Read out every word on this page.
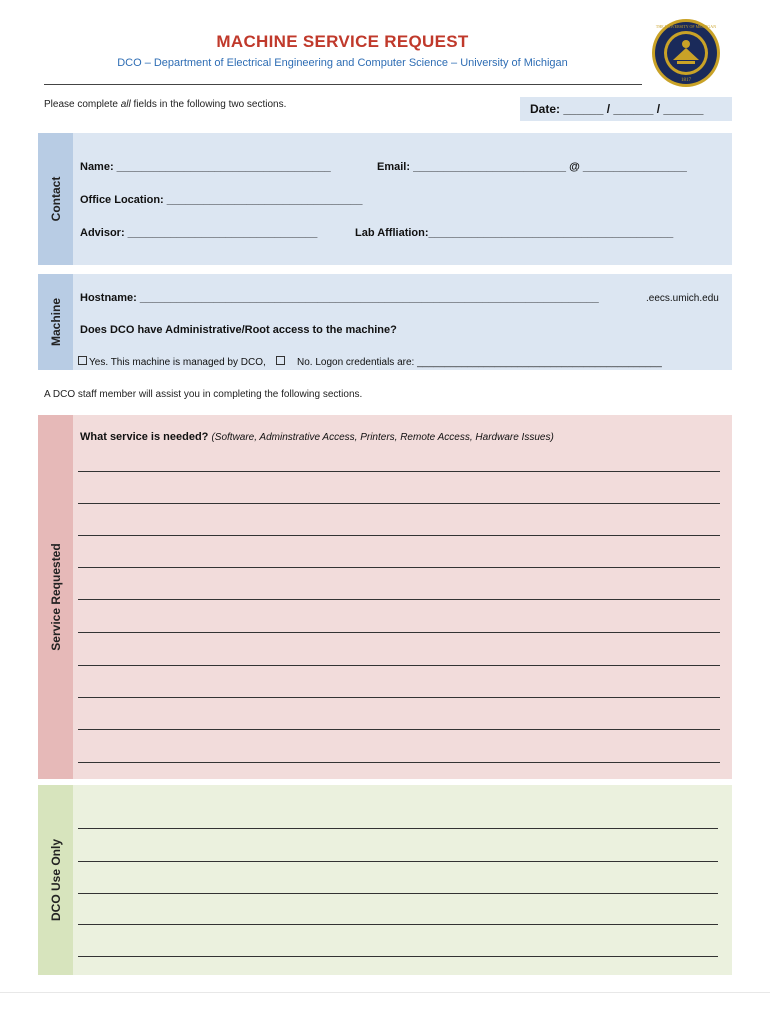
MACHINE SERVICE REQUEST
DCO – Department of Electrical Engineering and Computer Science – University of Michigan
1817
THE UNIVERSITY OF MICHIGAN
Please complete all fields in the following two sections.	Date: ______ / ______ / ______
Contact
Name: ___________________________________	Email: _________________________ @ _________________
Office Location: ________________________________
Advisor: _______________________________	Lab Affliation:________________________________________
Machine Hostname: ___________________________________________________________________________	.eecs.umich.edu
Does DCO have Administrative/Root access to the machine?
Yes. This machine is managed by DCO,	No. Logon credentials are: ____________________________________________
A DCO staff member will assist you in completing the following sections.
Service Requested
What service is needed? (Software, Adminstrative Access, Printers, Remote Access, Hardware Issues)
DCO Use Only
